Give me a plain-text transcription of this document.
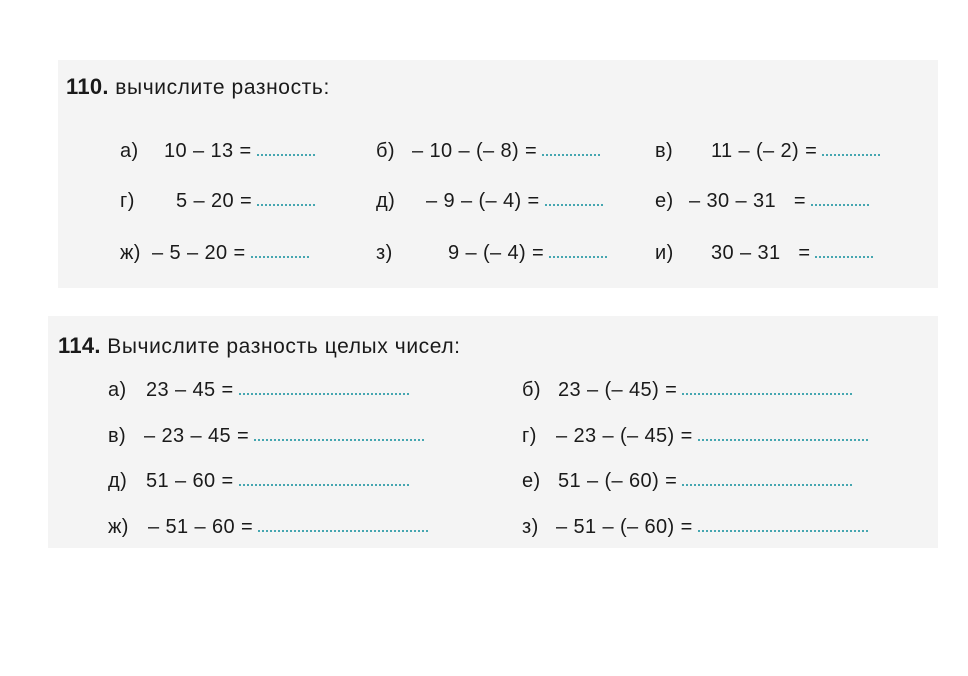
110. вычислите разность:
а) 10 – 13 =	б) – 10 – (– 8) =	в) 11 – (– 2) =
г) 5 – 20 =	д) – 9 – (– 4) =	е) – 30 – 31   =
ж) – 5 – 20 =	з)	9 – (– 4) =	и) 30 – 31   =
114. Вычислите разность целых чисел:
а) 23 – 45 =	б) 23 – (– 45) =
в) – 23 – 45 =	г) – 23 – (– 45) =
д) 51 – 60 =	е) 51 – (– 60) =
ж) – 51 – 60 =	з) – 51 – (– 60) =
